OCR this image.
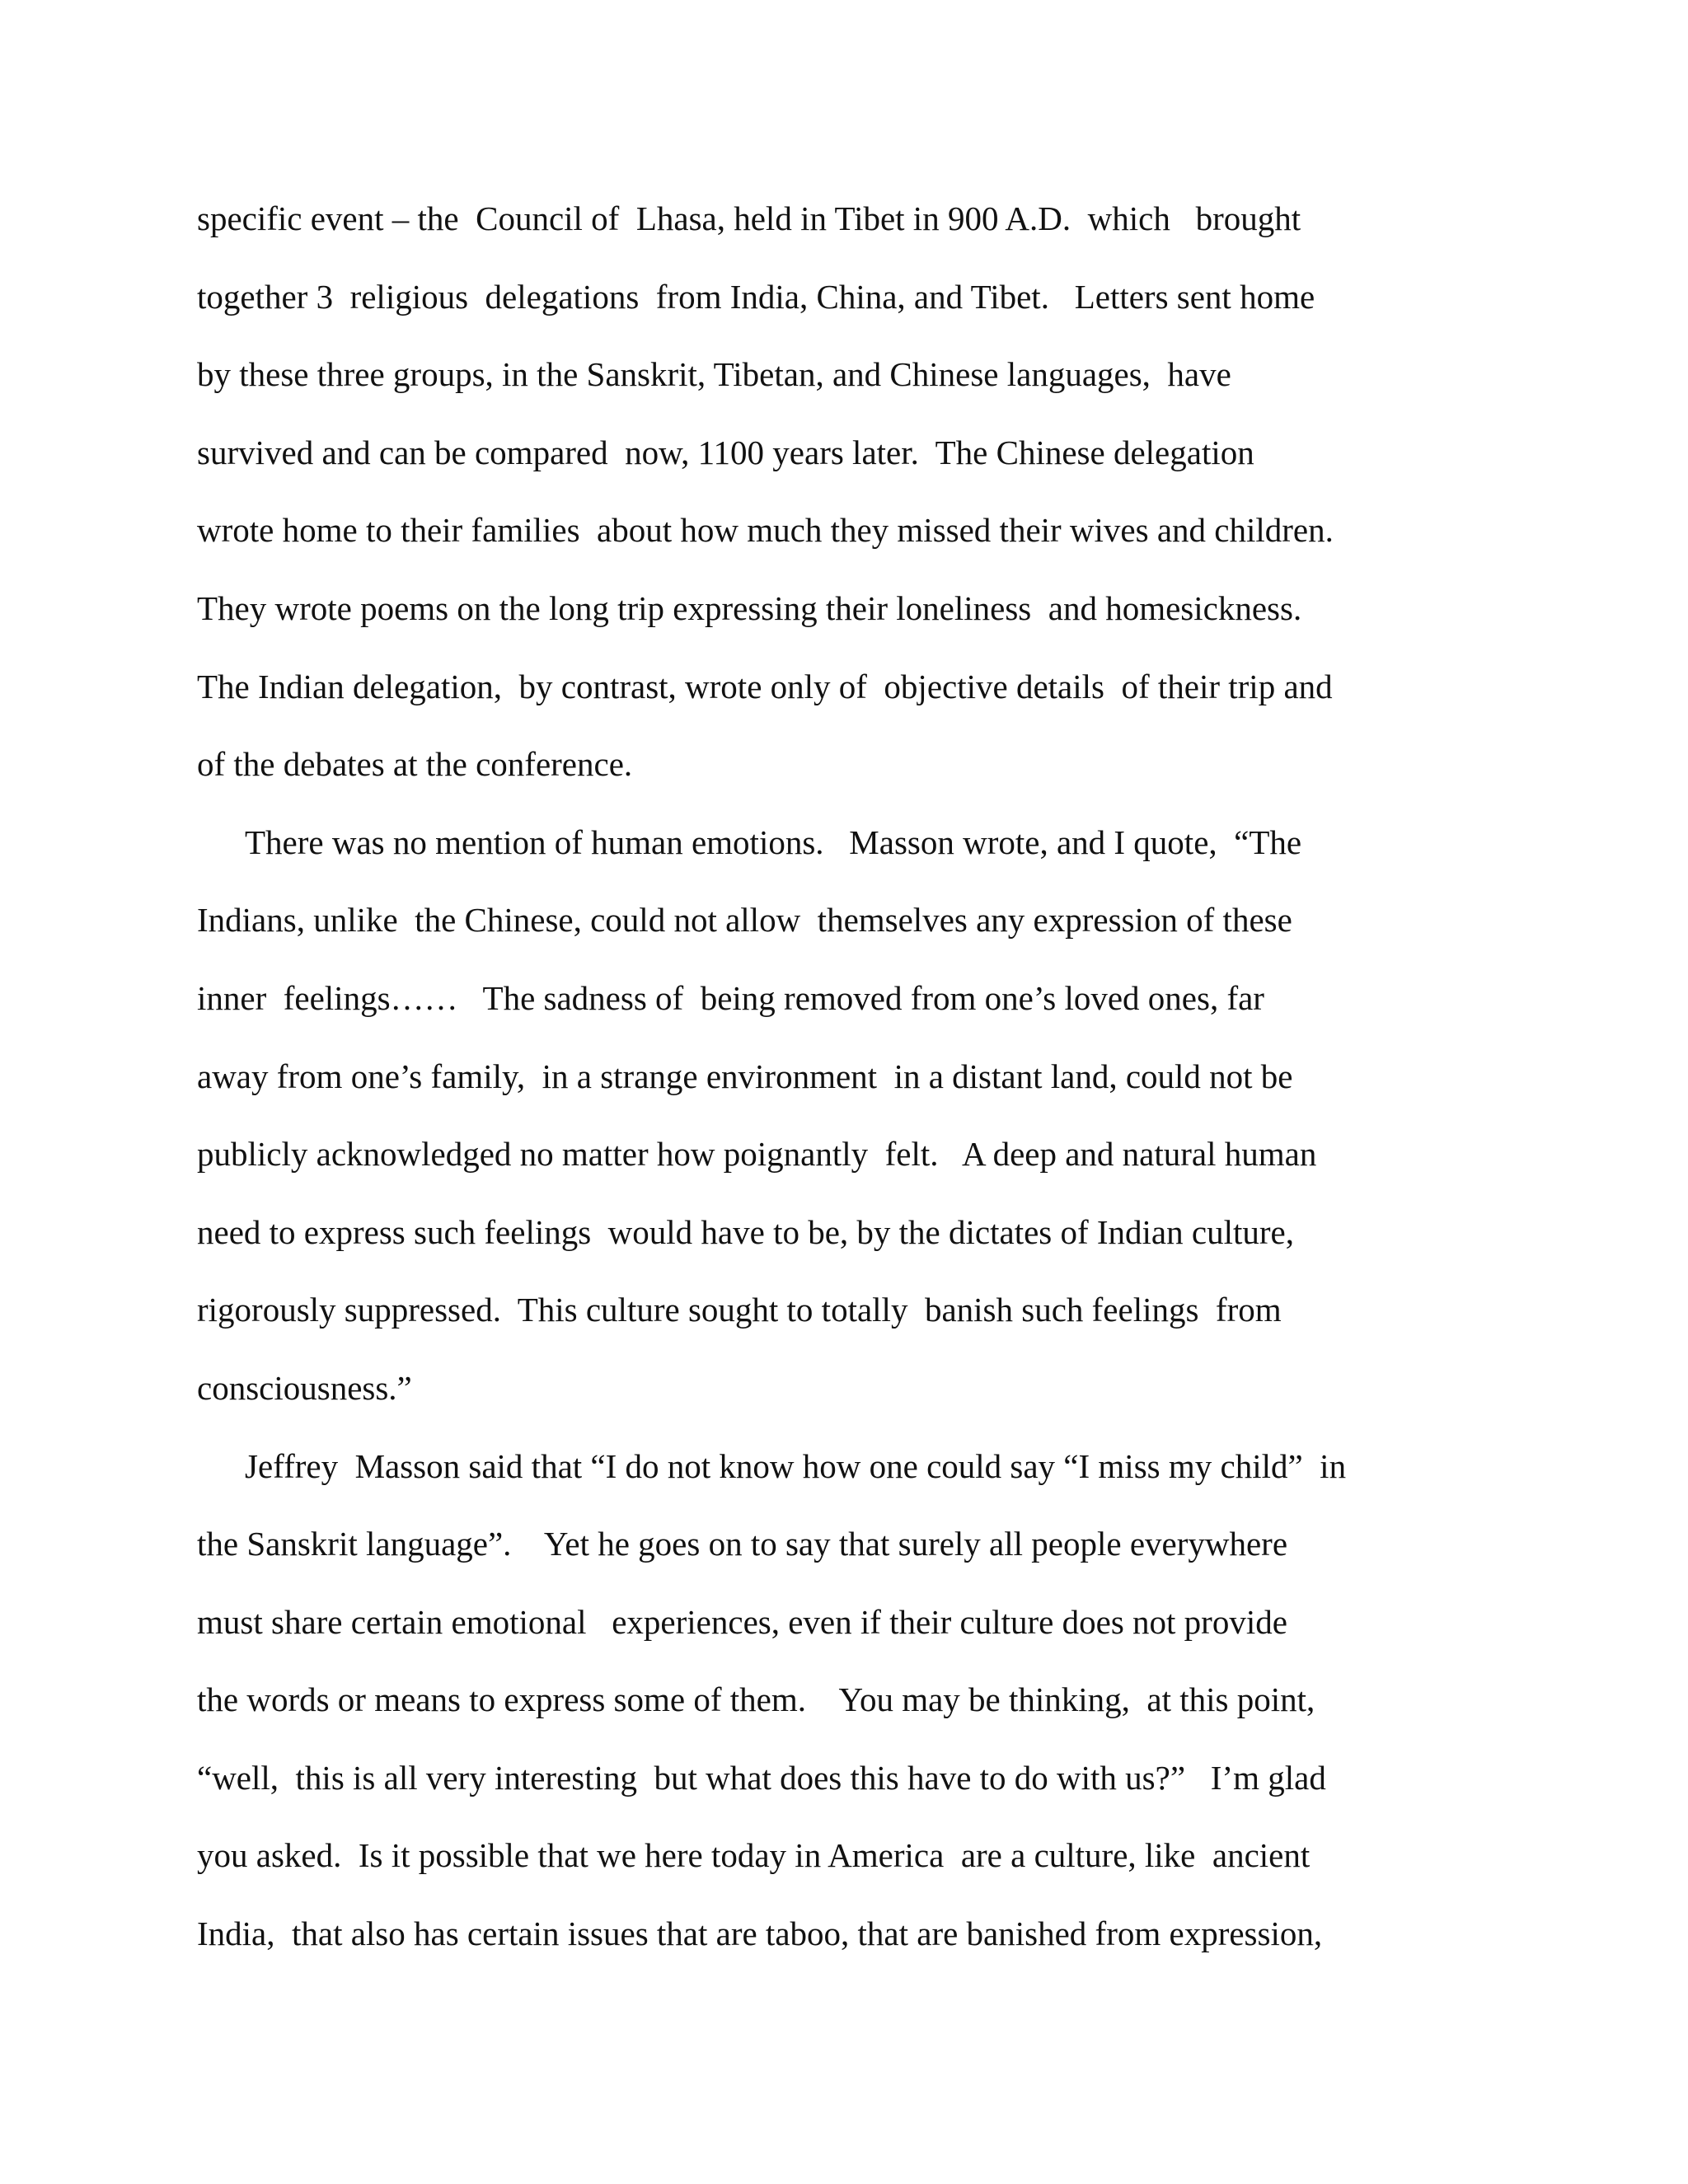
specific event – the  Council of  Lhasa, held in Tibet in 900 A.D.  which   brought
together 3  religious  delegations  from India, China, and Tibet.   Letters sent home
by these three groups, in the Sanskrit, Tibetan, and Chinese languages,  have
survived and can be compared  now, 1100 years later.  The Chinese delegation
wrote home to their families  about how much they missed their wives and children.
They wrote poems on the long trip expressing their loneliness  and homesickness.
The Indian delegation,  by contrast, wrote only of  objective details  of their trip and
of the debates at the conference.
There was no mention of human emotions.   Masson wrote, and I quote,  “The
Indians, unlike  the Chinese, could not allow  themselves any expression of these
inner  feelings……   The sadness of  being removed from one’s loved ones, far
away from one’s family,  in a strange environment  in a distant land, could not be
publicly acknowledged no matter how poignantly  felt.   A deep and natural human
need to express such feelings  would have to be, by the dictates of Indian culture,
rigorously suppressed.  This culture sought to totally  banish such feelings  from
consciousness.”
Jeffrey  Masson said that “I do not know how one could say “I miss my child”  in
the Sanskrit language”.    Yet he goes on to say that surely all people everywhere
must share certain emotional   experiences, even if their culture does not provide
the words or means to express some of them.    You may be thinking,  at this point,
“well,  this is all very interesting  but what does this have to do with us?”   I’m glad
you asked.  Is it possible that we here today in America  are a culture, like  ancient
India,  that also has certain issues that are taboo, that are banished from expression,
